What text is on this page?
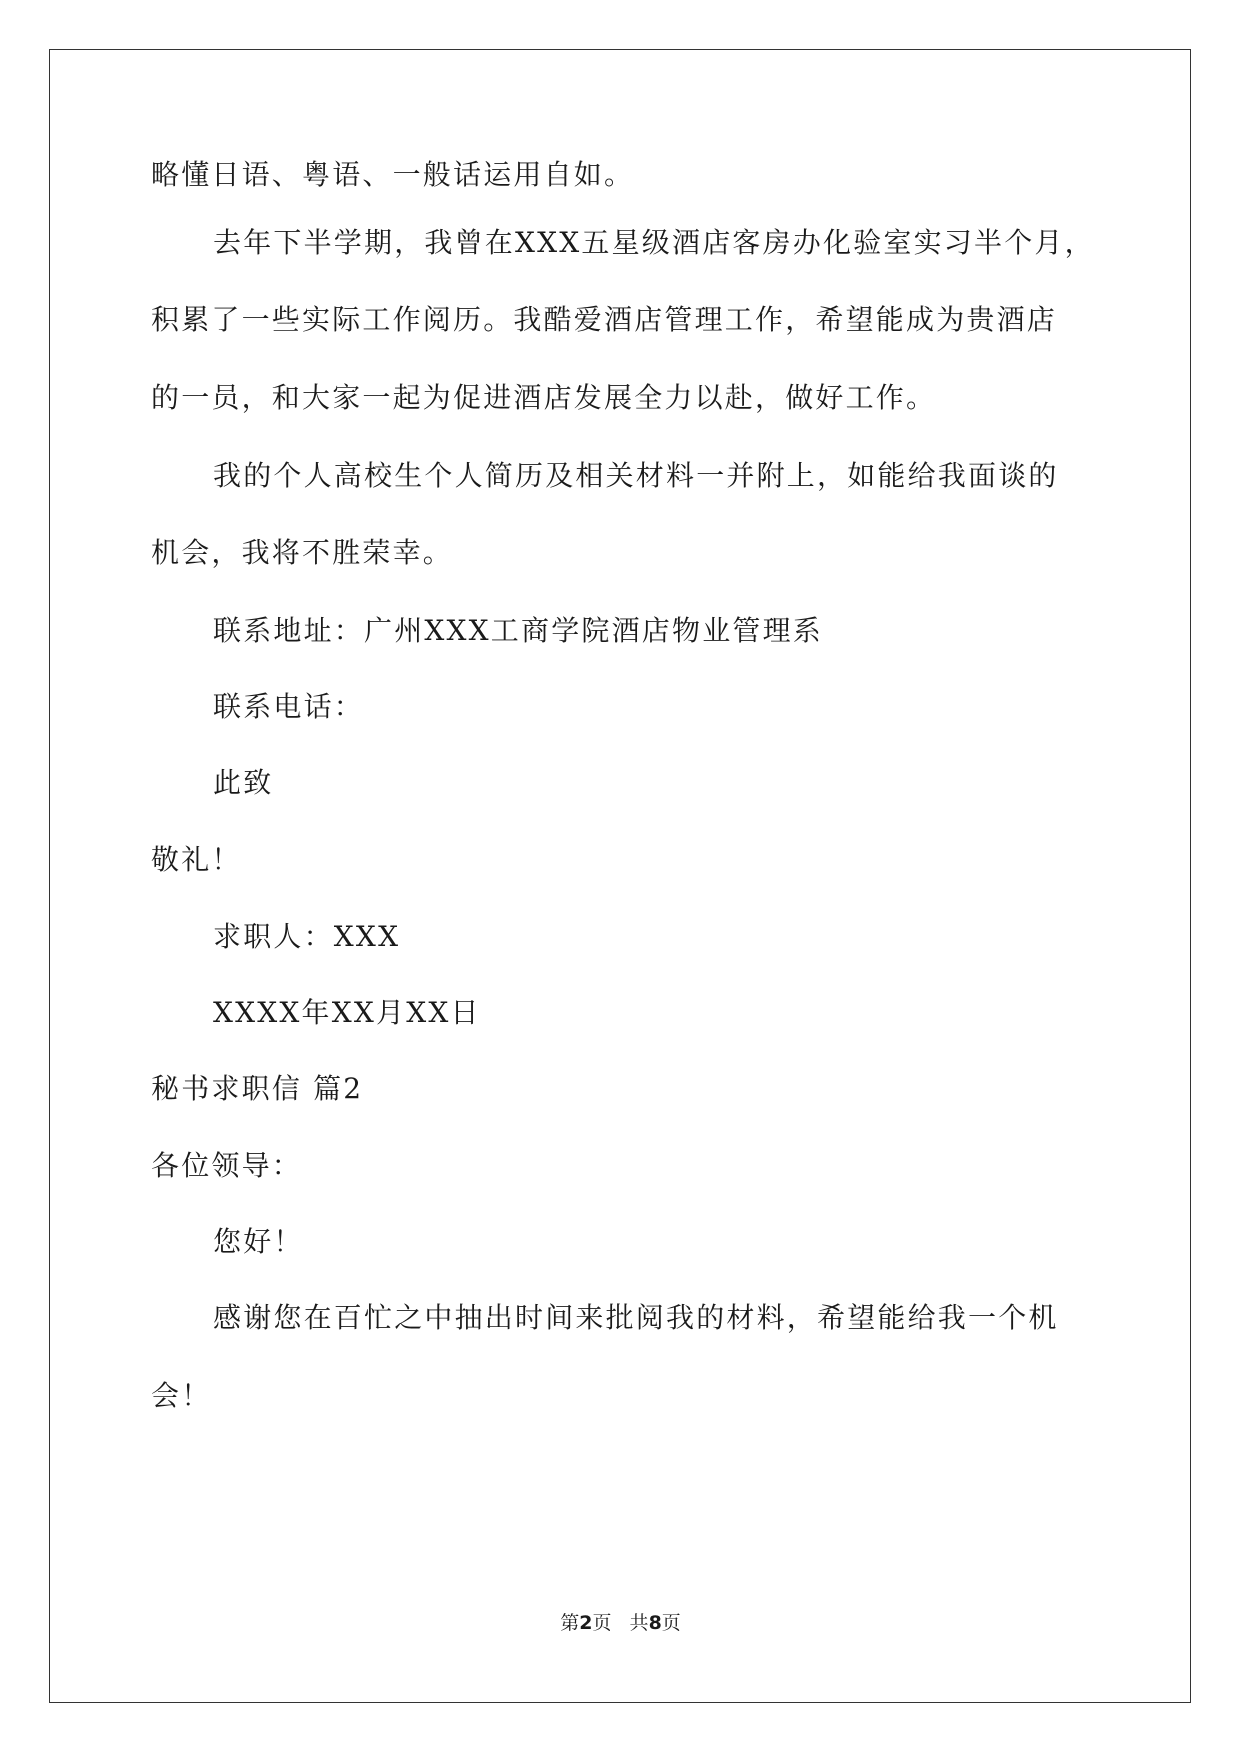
略懂日语、粤语、一般话运用自如。
去年下半学期，我曾在XXX五星级酒店客房办化验室实习半个月，
积累了一些实际工作阅历。我酷爱酒店管理工作，希望能成为贵酒店
的一员，和大家一起为促进酒店发展全力以赴，做好工作。
我的个人高校生个人简历及相关材料一并附上，如能给我面谈的
机会，我将不胜荣幸。
联系地址：广州XXX工商学院酒店物业管理系
联系电话：
此致
敬礼！
求职人：XXX
XXXX年XX月XX日
秘书求职信 篇2
各位领导：
您好！
感谢您在百忙之中抽出时间来批阅我的材料，希望能给我一个机
会！
第2页   共8页
